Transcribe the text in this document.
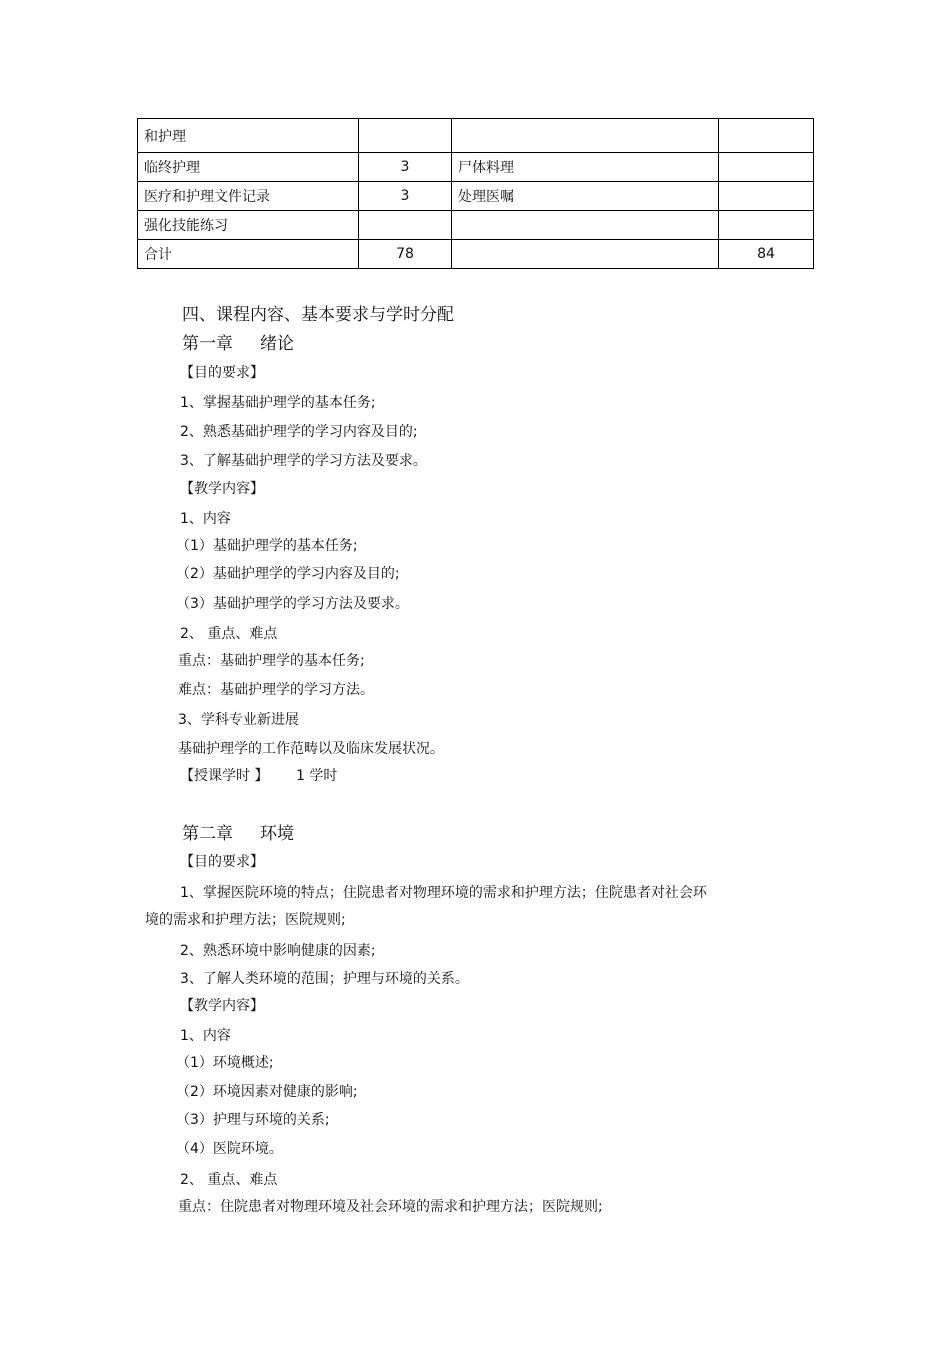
和护理			
临终护理	3	尸体料理	
医疗和护理文件记录	3	处理医嘱	
强化技能练习			
合计	78		84
四、课程内容、基本要求与学时分配
第一章 绪论
【目的要求】
1、掌握基础护理学的基本任务;
2、熟悉基础护理学的学习内容及目的;
3、了解基础护理学的学习方法及要求。
【教学内容】
1、内容
（1）基础护理学的基本任务;
（2）基础护理学的学习内容及目的;
（3）基础护理学的学习方法及要求。
2、 重点、难点
重点：基础护理学的基本任务;
难点：基础护理学的学习方法。
3、学科专业新进展
基础护理学的工作范畴以及临床发展状况。
【授课学时 】 1 学时
第二章 环境
【目的要求】
1、掌握医院环境的特点；住院患者对物理环境的需求和护理方法；住院患者对社会环
境的需求和护理方法；医院规则;
2、熟悉环境中影响健康的因素;
3、了解人类环境的范围；护理与环境的关系。
【教学内容】
1、内容
（1）环境概述;
（2）环境因素对健康的影响;
（3）护理与环境的关系;
（4）医院环境。
2、 重点、难点
重点：住院患者对物理环境及社会环境的需求和护理方法；医院规则;
